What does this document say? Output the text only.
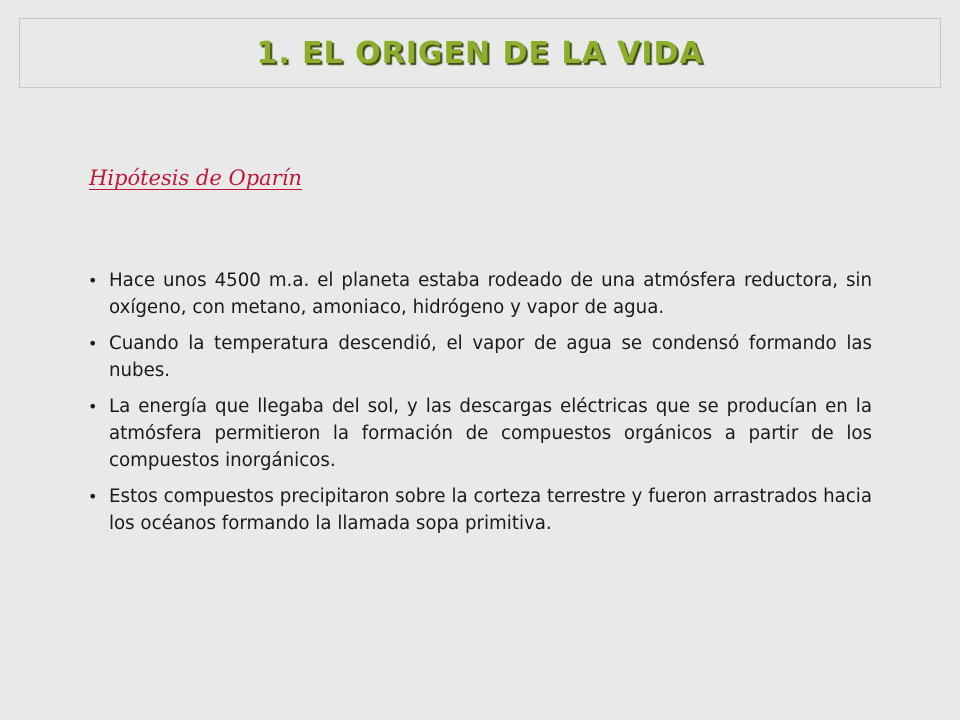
1. EL ORIGEN DE LA VIDA
Hipótesis de Oparín
• Hace unos 4500 m.a. el planeta estaba rodeado de una atmósfera reductora, sin oxígeno, con metano, amoniaco, hidrógeno y vapor de agua.
• Cuando la temperatura descendió, el vapor de agua se condensó formando las nubes.
• La energía que llegaba del sol, y las descargas eléctricas que se producían en la atmósfera permitieron la formación de compuestos orgánicos a partir de los compuestos inorgánicos.
• Estos compuestos precipitaron sobre la corteza terrestre y fueron arrastrados hacia los océanos formando la llamada sopa primitiva.
